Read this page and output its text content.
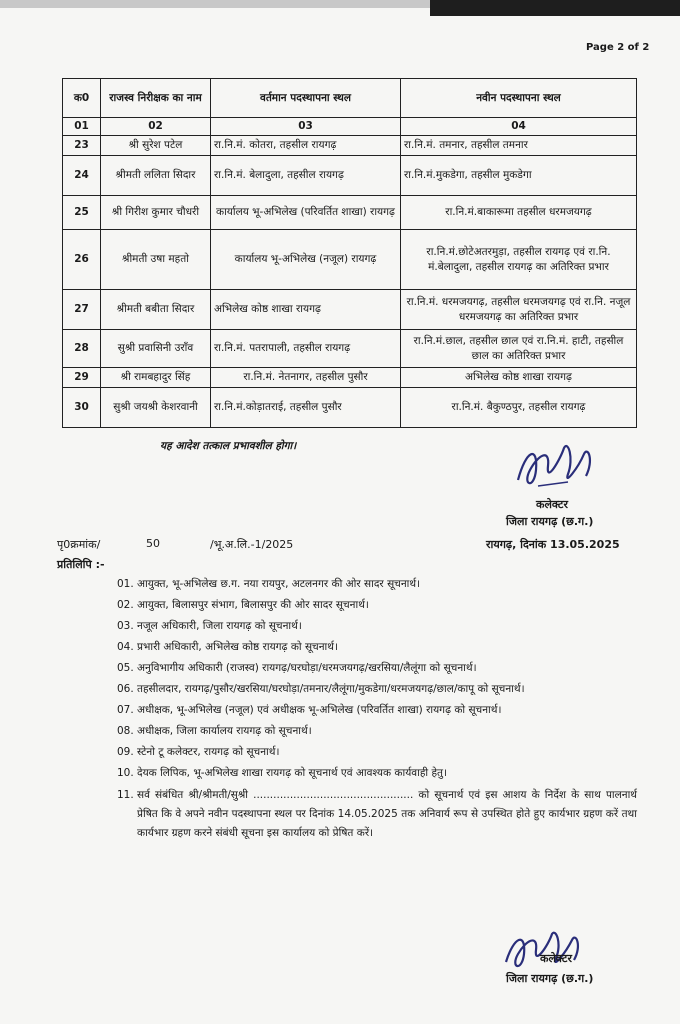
Page 2 of 2
क0	राजस्व निरीक्षक का नाम	वर्तमान पदस्थापना स्थल	नवीन पदस्थापना स्थल
01	02	03	04
23	श्री सुरेश पटेल	रा.नि.मं. कोतरा, तहसील रायगढ़	रा.नि.मं. तमनार, तहसील तमनार
24	श्रीमती ललिता सिदार	रा.नि.मं. बेलादुला, तहसील रायगढ़	रा.नि.मं.मुकडेगा, तहसील मुकडेगा
25	श्री गिरीश कुमार चौधरी	कार्यालय भू-अभिलेख (परिवर्तित शाखा) रायगढ़	रा.नि.मं.बाकारूमा तहसील धरमजयगढ़
26	श्रीमती उषा महतो	कार्यालय भू-अभिलेख (नजूल) रायगढ़	रा.नि.मं.छोटेअतरमुड़ा, तहसील रायगढ़ एवं रा.नि. मं.बेलादुला, तहसील रायगढ़ का अतिरिक्त प्रभार
27	श्रीमती बबीता सिदार	अभिलेख कोष्ठ शाखा रायगढ़	रा.नि.मं. धरमजयगढ़, तहसील धरमजयगढ़ एवं रा.नि. नजूल धरमजयगढ़ का अतिरिक्त प्रभार
28	सुश्री प्रवासिनी उराँव	रा.नि.मं. पतरापाली, तहसील रायगढ़	रा.नि.मं.छाल, तहसील छाल एवं रा.नि.मं. हाटी, तहसील छाल का अतिरिक्त प्रभार
29	श्री रामबहादुर सिंह	रा.नि.मं. नेतनागर, तहसील पुसौर	अभिलेख कोष्ठ शाखा रायगढ़
30	सुश्री जयश्री केशरवानी	रा.नि.मं.कोड़ातराई, तहसील पुसौर	रा.नि.मं. बैकुण्ठपुर, तहसील रायगढ़
यह आदेश तत्काल प्रभावशील होगा।
कलेक्टर
जिला रायगढ़ (छ.ग.)
पृ0क्रमांक/	50	/भू.अ.लि.-1/2025	रायगढ़, दिनांक 13.05.2025
प्रतिलिपि :-
01. आयुक्त, भू-अभिलेख छ.ग. नया रायपुर, अटलनगर की ओर सादर सूचनार्थ।
02. आयुक्त, बिलासपुर संभाग, बिलासपुर की ओर सादर सूचनार्थ।
03. नजूल अधिकारी, जिला रायगढ़ को सूचनार्थ।
04. प्रभारी अधिकारी, अभिलेख कोष्ठ रायगढ़ को सूचनार्थ।
05. अनुविभागीय अधिकारी (राजस्व) रायगढ़/घरघोड़ा/धरमजयगढ़/खरसिया/लैलूंगा को सूचनार्थ।
06. तहसीलदार, रायगढ़/पुसौर/खरसिया/घरघोड़ा/तमनार/लैलूंगा/मुकडेगा/धरमजयगढ़/छाल/कापू को सूचनार्थ।
07. अधीक्षक, भू-अभिलेख (नजूल) एवं अधीक्षक भू-अभिलेख (परिवर्तित शाखा) रायगढ़ को सूचनार्थ।
08. अधीक्षक, जिला कार्यालय रायगढ़ को सूचनार्थ।
09. स्टेनो टू कलेक्टर, रायगढ़ को सूचनार्थ।
10. देयक लिपिक, भू-अभिलेख शाखा रायगढ़ को सूचनार्थ एवं आवश्यक कार्यवाही हेतु।
11. सर्व संबंधित श्री/श्रीमती/सुश्री ................................................ को सूचनार्थ एवं इस आशय के निर्देश के साथ पालनार्थ प्रेषित कि वे अपने नवीन पदस्थापना स्थल पर दिनांक 14.05.2025 तक अनिवार्य रूप से उपस्थित होते हुए कार्यभार ग्रहण करें तथा कार्यभार ग्रहण करने संबंधी सूचना इस कार्यालय को प्रेषित करें।
कलेक्टर
जिला रायगढ़ (छ.ग.)
